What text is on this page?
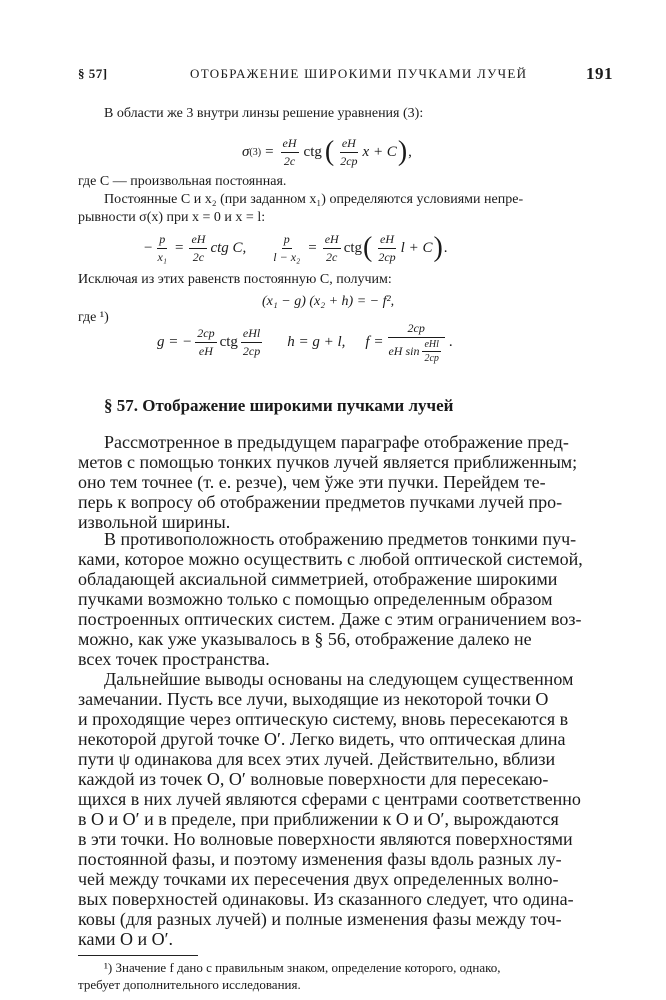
§ 57]	ОТОБРАЖЕНИЕ ШИРОКИМИ ПУЧКАМИ ЛУЧЕЙ	191
В области же 3 внутри линзы решение уравнения (3):
σ $(3) = \frac{eH}{2c}$ ctg ( $\frac{eH}{2cp}$ x + C ) ,
где C — произвольная постоянная.
Постоянные C и x₂ (при заданном x₁) определяются условиями непре-
рывности σ(x) при x = 0 и x = l:
− $\frac{p}{\text{x₁}} = \frac{eH}{2c}$ ctg C, $\frac{p}{\text{l − x₂}} = \frac{eH}{2c}$ ctg ( $\frac{eH}{2cp}$ l + C ) .
Исключая из этих равенств постоянную C, получим:
(x₁ − g) (x₂ + h) = − f²,
где ¹)
g = − $\frac{2cp}{eH}$ ctg $\frac{\text{eHl}}{2cp}$ h = g + l, $f = \frac{2cp}{eH \sin \frac{\text{eHl}}{2cp}}$ .
§ 57. Отображение широкими пучками лучей
Рассмотренное в предыдущем параграфе отображение пред-
метов с помощью тонких пучков лучей является приближенным;
оно тем точнее (т. е. резче), чем ўже эти пучки. Перейдем те-
перь к вопросу об отображении предметов пучками лучей про-
извольной ширины.
В противоположность отображению предметов тонкими пуч-
ками, которое можно осуществить с любой оптической системой,
обладающей аксиальной симметрией, отображение широкими
пучками возможно только с помощью определенным образом
построенных оптических систем. Даже с этим ограничением воз-
можно, как уже указывалось в § 56, отображение далеко не
всех точек пространства.
Дальнейшие выводы основаны на следующем существенном
замечании. Пусть все лучи, выходящие из некоторой точки O
и проходящие через оптическую систему, вновь пересекаются в
некоторой другой точке O′. Легко видеть, что оптическая длина
пути ψ одинакова для всех этих лучей. Действительно, вблизи
каждой из точек O, O′ волновые поверхности для пересекаю-
щихся в них лучей являются сферами с центрами соответственно
в O и O′ и в пределе, при приближении к O и O′, вырождаются
в эти точки. Но волновые поверхности являются поверхностями
постоянной фазы, и поэтому изменения фазы вдоль разных лу-
чей между точками их пересечения двух определенных волно-
вых поверхностей одинаковы. Из сказанного следует, что одина-
ковы (для разных лучей) и полные изменения фазы между точ-
ками O и O′.
¹) Значение f дано с правильным знаком, определение которого, однако,
требует дополнительного исследования.
